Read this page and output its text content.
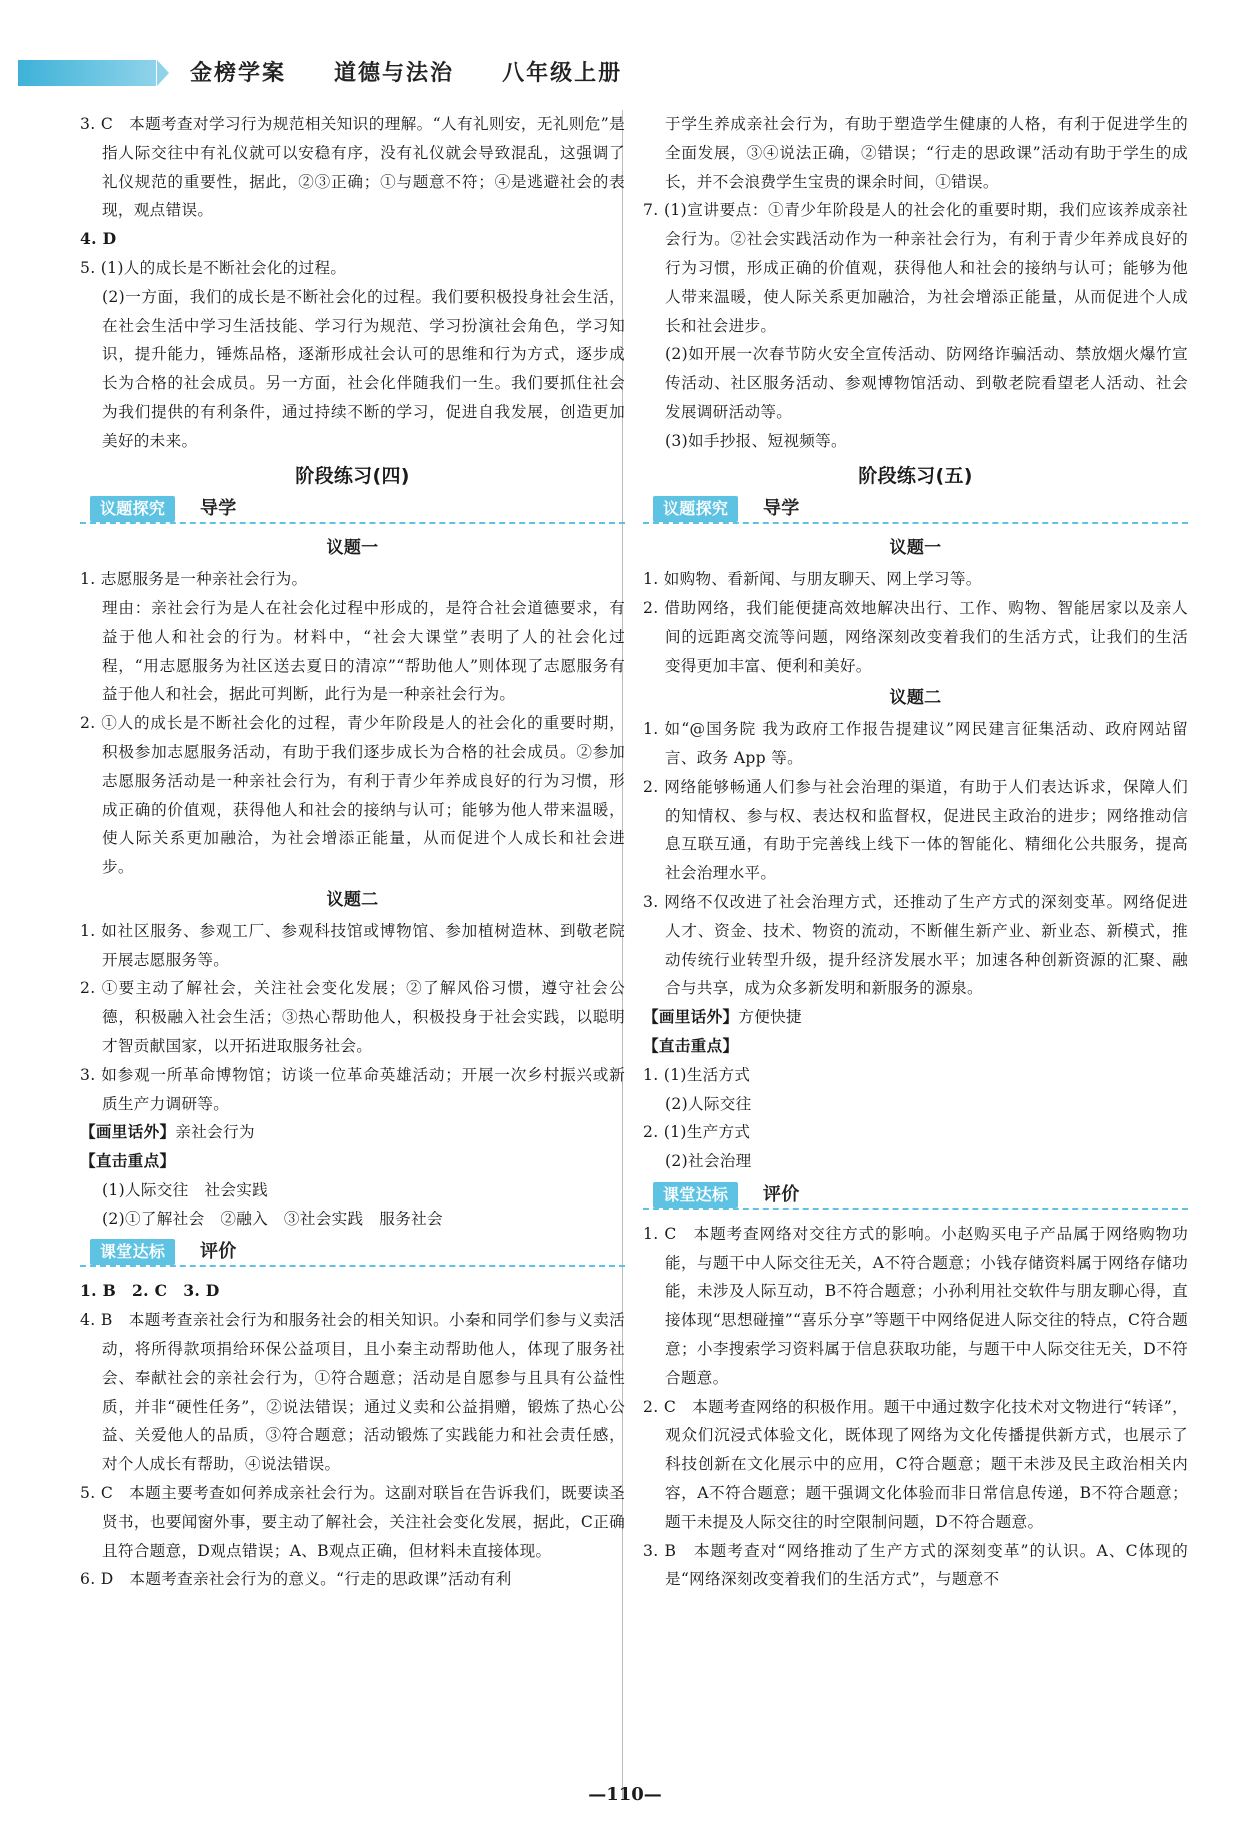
金榜学案　　 道德与法治　　 八年级上册

3. C　本题考查对学习行为规范相关知识的理解。“人有礼则安，无礼则危”是指人际交往中有礼仪就可以安稳有序，没有礼仪就会导致混乱，这强调了礼仪规范的重要性，据此，②③正确；①与题意不符；④是逃避社会的表现，观点错误。

4. D

5. (1)人的成长是不断社会化的过程。

(2)一方面，我们的成长是不断社会化的过程。我们要积极投身社会生活，在社会生活中学习生活技能、学习行为规范、学习扮演社会角色，学习知识，提升能力，锤炼品格，逐渐形成社会认可的思维和行为方式，逐步成长为合格的社会成员。另一方面，社会化伴随我们一生。我们要抓住社会为我们提供的有利条件，通过持续不断的学习，促进自我发展，创造更加美好的未来。

阶段练习(四)
议题探究	导学
议题一

1. 志愿服务是一种亲社会行为。

理由：亲社会行为是人在社会化过程中形成的，是符合社会道德要求，有益于他人和社会的行为。材料中，“社会大课堂”表明了人的社会化过程，“用志愿服务为社区送去夏日的清凉”“帮助他人”则体现了志愿服务有益于他人和社会，据此可判断，此行为是一种亲社会行为。

2. ①人的成长是不断社会化的过程，青少年阶段是人的社会化的重要时期，积极参加志愿服务活动，有助于我们逐步成长为合格的社会成员。②参加志愿服务活动是一种亲社会行为，有利于青少年养成良好的行为习惯，形成正确的价值观，获得他人和社会的接纳与认可；能够为他人带来温暖，使人际关系更加融洽，为社会增添正能量，从而促进个人成长和社会进步。

议题二

1. 如社区服务、参观工厂、参观科技馆或博物馆、参加植树造林、到敬老院开展志愿服务等。

2. ①要主动了解社会，关注社会变化发展；②了解风俗习惯，遵守社会公德，积极融入社会生活；③热心帮助他人，积极投身于社会实践，以聪明才智贡献国家，以开拓进取服务社会。

3. 如参观一所革命博物馆；访谈一位革命英雄活动；开展一次乡村振兴或新质生产力调研等。

【画里话外】亲社会行为

【直击重点】

(1)人际交往　社会实践

(2)①了解社会　②融入　③社会实践　服务社会

课堂达标	评价

1. B　2. C　3. D

4. B　本题考查亲社会行为和服务社会的相关知识。小秦和同学们参与义卖活动，将所得款项捐给环保公益项目，且小秦主动帮助他人，体现了服务社会、奉献社会的亲社会行为，①符合题意；活动是自愿参与且具有公益性质，并非“硬性任务”，②说法错误；通过义卖和公益捐赠，锻炼了热心公益、关爱他人的品质，③符合题意；活动锻炼了实践能力和社会责任感，对个人成长有帮助，④说法错误。

5. C　本题主要考查如何养成亲社会行为。这副对联旨在告诉我们，既要读圣贤书，也要闻窗外事，要主动了解社会，关注社会变化发展，据此，C正确且符合题意，D观点错误；A、B观点正确，但材料未直接体现。

6. D　本题考查亲社会行为的意义。“行走的思政课”活动有利

于学生养成亲社会行为，有助于塑造学生健康的人格，有利于促进学生的全面发展，③④说法正确，②错误；“行走的思政课”活动有助于学生的成长，并不会浪费学生宝贵的课余时间，①错误。

7. (1)宣讲要点：①青少年阶段是人的社会化的重要时期，我们应该养成亲社会行为。②社会实践活动作为一种亲社会行为，有利于青少年养成良好的行为习惯，形成正确的价值观，获得他人和社会的接纳与认可；能够为他人带来温暖，使人际关系更加融洽，为社会增添正能量，从而促进个人成长和社会进步。

(2)如开展一次春节防火安全宣传活动、防网络诈骗活动、禁放烟火爆竹宣传活动、社区服务活动、参观博物馆活动、到敬老院看望老人活动、社会发展调研活动等。

(3)如手抄报、短视频等。

阶段练习(五)
议题探究	导学
议题一

1. 如购物、看新闻、与朋友聊天、网上学习等。

2. 借助网络，我们能便捷高效地解决出行、工作、购物、智能居家以及亲人间的远距离交流等问题，网络深刻改变着我们的生活方式，让我们的生活变得更加丰富、便利和美好。

议题二

1. 如“@国务院 我为政府工作报告提建议”网民建言征集活动、政府网站留言、政务 App 等。

2. 网络能够畅通人们参与社会治理的渠道，有助于人们表达诉求，保障人们的知情权、参与权、表达权和监督权，促进民主政治的进步；网络推动信息互联互通，有助于完善线上线下一体的智能化、精细化公共服务，提高社会治理水平。

3. 网络不仅改进了社会治理方式，还推动了生产方式的深刻变革。网络促进人才、资金、技术、物资的流动，不断催生新产业、新业态、新模式，推动传统行业转型升级，提升经济发展水平；加速各种创新资源的汇聚、融合与共享，成为众多新发明和新服务的源泉。

【画里话外】方便快捷

【直击重点】

1. (1)生活方式

(2)人际交往

2. (1)生产方式

(2)社会治理

课堂达标	评价

1. C　本题考查网络对交往方式的影响。小赵购买电子产品属于网络购物功能，与题干中人际交往无关，A不符合题意；小钱存储资料属于网络存储功能，未涉及人际互动，B不符合题意；小孙利用社交软件与朋友聊心得，直接体现“思想碰撞”“喜乐分享”等题干中网络促进人际交往的特点，C符合题意；小李搜索学习资料属于信息获取功能，与题干中人际交往无关，D不符合题意。

2. C　本题考查网络的积极作用。题干中通过数字化技术对文物进行“转译”，观众们沉浸式体验文化，既体现了网络为文化传播提供新方式，也展示了科技创新在文化展示中的应用，C符合题意；题干未涉及民主政治相关内容，A不符合题意；题干强调文化体验而非日常信息传递，B不符合题意；题干未提及人际交往的时空限制问题，D不符合题意。

3. B　本题考查对“网络推动了生产方式的深刻变革”的认识。A、C体现的是“网络深刻改变着我们的生活方式”，与题意不

—110—
